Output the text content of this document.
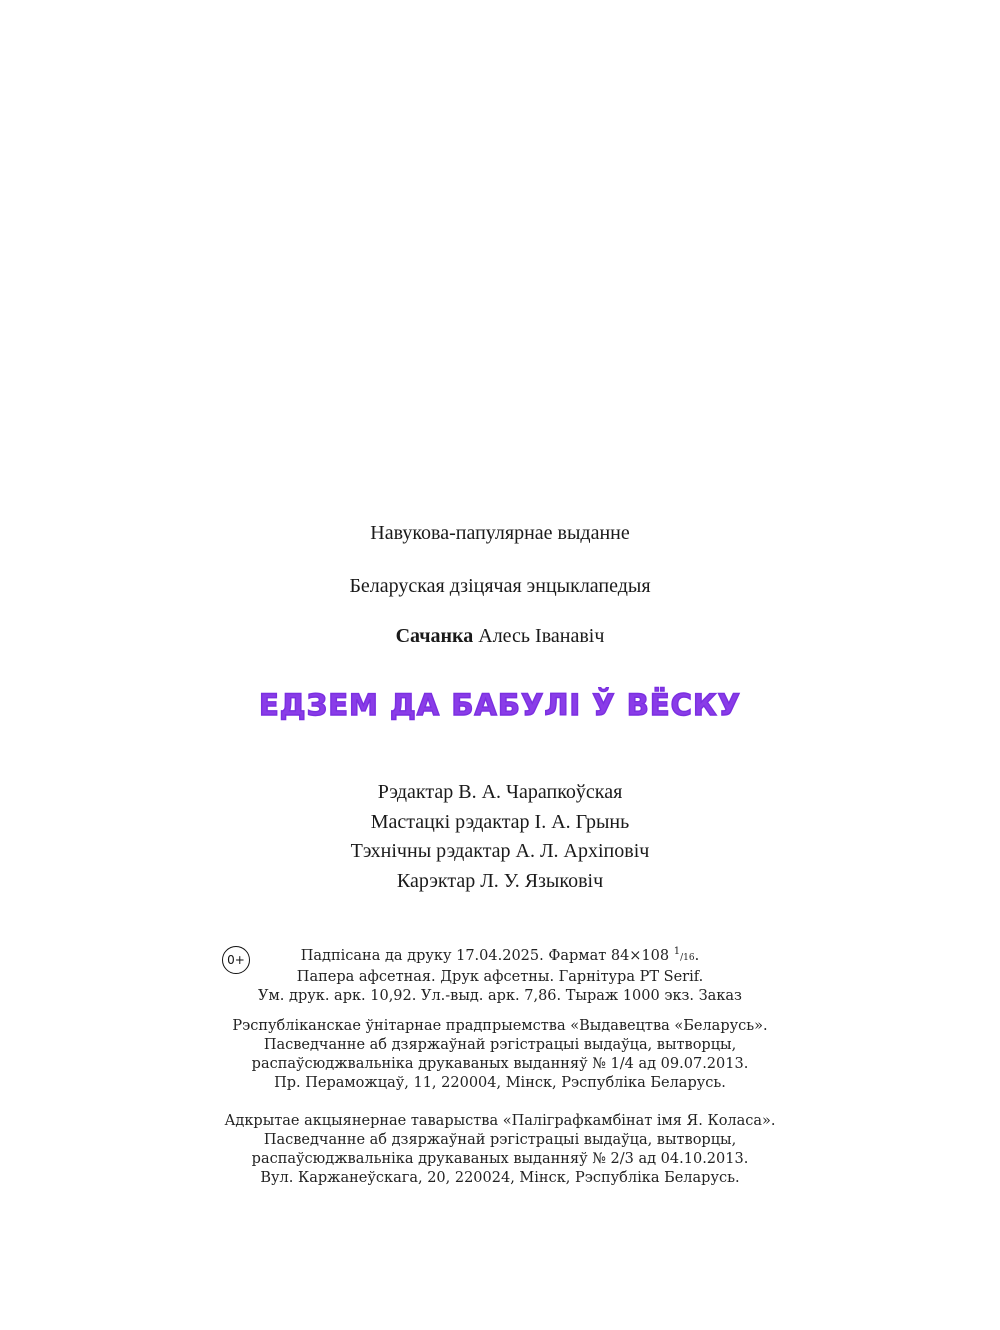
Навукова-папулярнае выданне
Беларуская дзіцячая энцыклапедыя
Сачанка Алесь Іванавіч
ЕДЗЕМ ДА БАБУЛІ Ў ВЁСКУ
Рэдактар В. А. Чарапкоўская
Мастацкі рэдактар І. А. Грынь
Тэхнічны рэдактар А. Л. Архіповіч
Карэктар Л. У. Языковіч
0+	Падпісана да друку 17.04.2025. Фармат 84×108 $^1$/16.
Папера афсетная. Друк афсетны. Гарнітура PT Serif.
Ум. друк. арк. 10,92. Ул.-выд. арк. 7,86. Тыраж 1000 экз. Заказ
Рэспубліканскае ўнітарнае прадпрыемства «Выдавецтва «Беларусь».
Пасведчанне аб дзяржаўнай рэгістрацыі выдаўца, вытворцы,
распаўсюджвальніка друкаваных выданняў № 1/4 ад 09.07.2013.
Пр. Пераможцаў, 11, 220004, Мінск, Рэспубліка Беларусь.
Адкрытае акцыянернае таварыства «Паліграфкамбінат імя Я. Коласа».
Пасведчанне аб дзяржаўнай рэгістрацыі выдаўца, вытворцы,
распаўсюджвальніка друкаваных выданняў № 2/3 ад 04.10.2013.
Вул. Каржанеўскага, 20, 220024, Мінск, Рэспубліка Беларусь.
